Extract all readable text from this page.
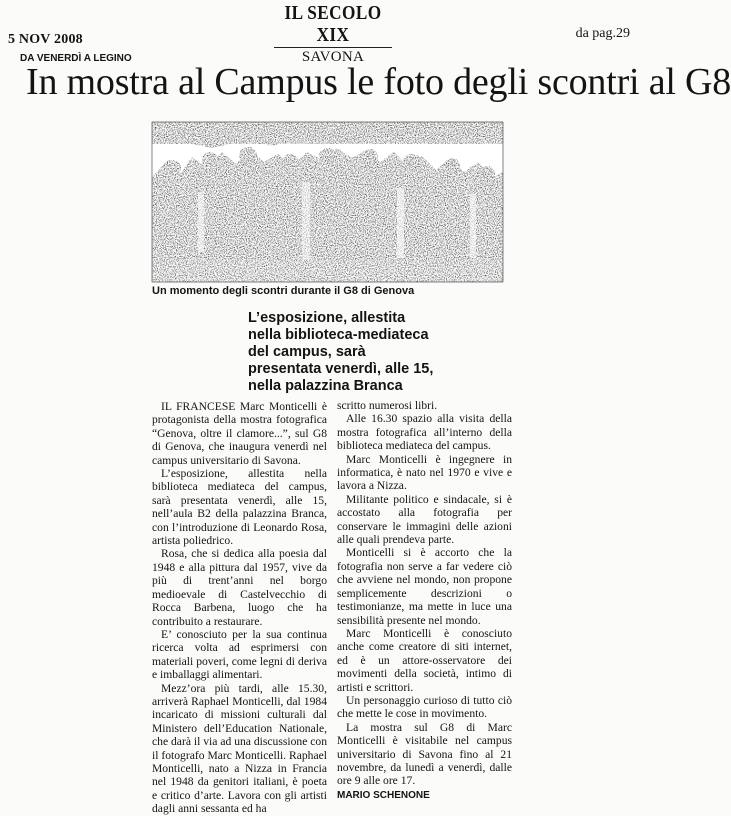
5 NOV 2008
IL SECOLO XIX
SAVONA
da pag.29
DA VENERDÌ A LEGINO
In mostra al Campus le foto degli scontri al G8
Un momento degli scontri durante il G8 di Genova
L’esposizione, allestita
nella biblioteca-mediateca
del campus, sarà
presentata venerdì, alle 15,
nella palazzina Branca

IL FRANCESE Marc Monticelli è protagonista della mostra fotografica “Genova, oltre il clamore...”, sul G8 di Genova, che inaugura venerdì nel campus universitario di Savona.

L’esposizione, allestita nella biblioteca mediateca del campus, sarà presentata venerdì, alle 15, nell’aula B2 della palazzina Branca, con l’introduzione di Leonardo Rosa, artista poliedrico.

Rosa, che si dedica alla poesia dal 1948 e alla pittura dal 1957, vive da più di trent’anni nel borgo medioevale di Castelvecchio di Rocca Barbena, luogo che ha contribuito a restaurare.

E’ conosciuto per la sua continua ricerca volta ad esprimersi con materiali poveri, come legni di deriva e imballaggi alimentari.

Mezz’ora più tardi, alle 15.30, arriverà Raphael Monticelli, dal 1984 incaricato di missioni culturali dal Ministero dell’Education Nationale, che darà il via ad una discussione con il fotografo Marc Monticelli. Raphael Monticelli, nato a Nizza in Francia nel 1948 da genitori italiani, è poeta e critico d’arte. Lavora con gli artisti dagli anni sessanta ed ha

scritto numerosi libri.

Alle 16.30 spazio alla visita della mostra fotografica all’interno della biblioteca mediateca del campus.

Marc Monticelli è ingegnere in informatica, è nato nel 1970 e vive e lavora a Nizza.

Militante politico e sindacale, si è accostato alla fotografia per conservare le immagini delle azioni alle quali prendeva parte.

Monticelli si è accorto che la fotografia non serve a far vedere ciò che avviene nel mondo, non propone semplicemente descrizioni o testimonianze, ma mette in luce una sensibilità presente nel mondo.

Marc Monticelli è conosciuto anche come creatore di siti internet, ed è un attore-osservatore dei movimenti della società, intimo di artisti e scrittori.

Un personaggio curioso di tutto ciò che mette le cose in movimento.

La mostra sul G8 di Marc Monticelli è visitabile nel campus universitario di Savona fino al 21 novembre, da lunedì a venerdì, dalle ore 9 alle ore 17.

MARIO SCHENONE
